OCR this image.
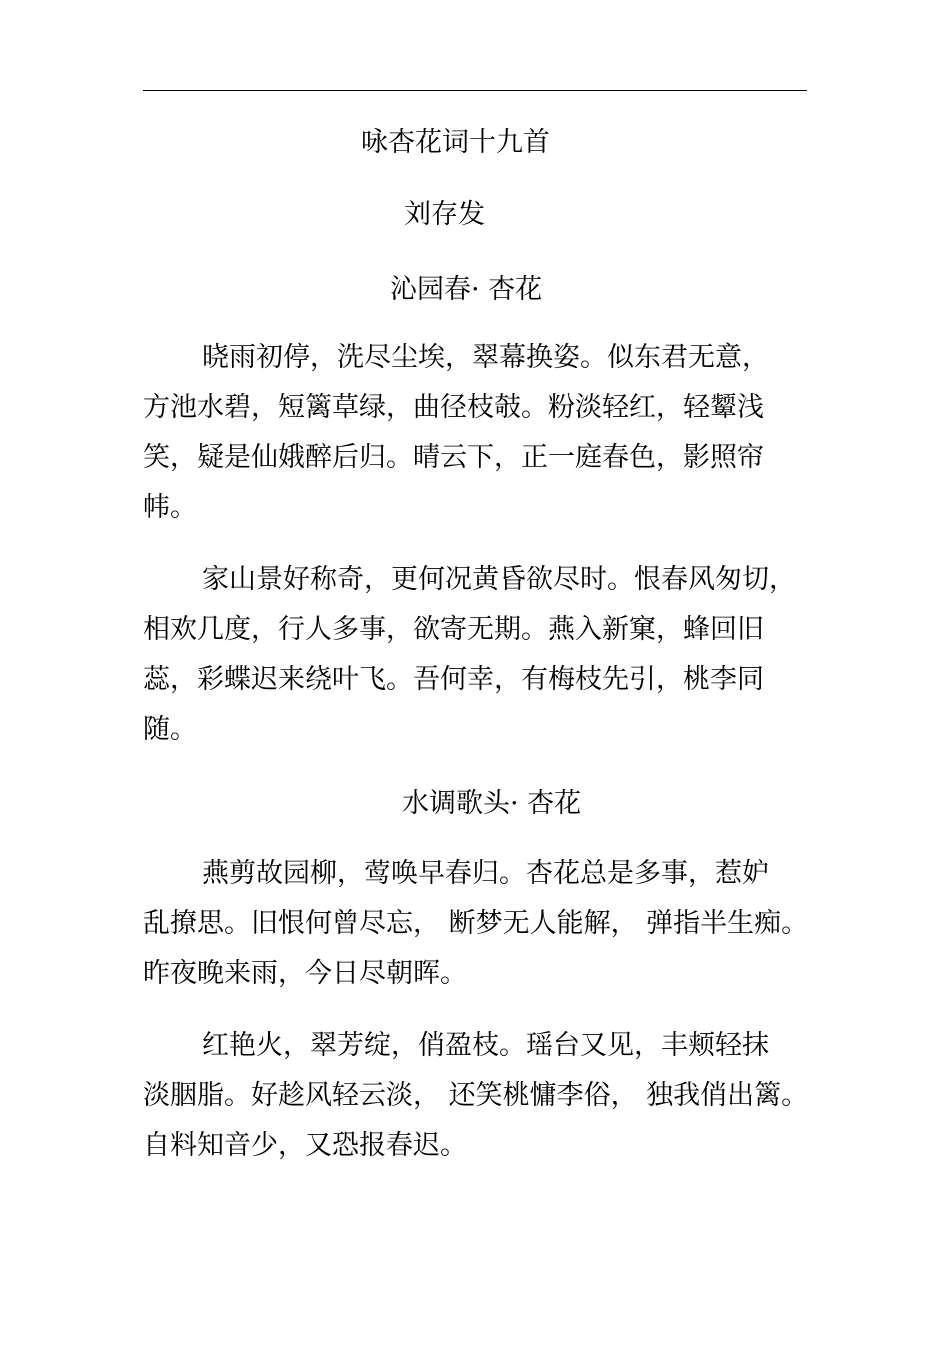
咏杏花词十九首
刘存发
沁园春· 杏花

晓雨初停，洗尽尘埃，翠幕换姿。似东君无意，
方池水碧，短篱草绿，曲径枝攲。粉淡轻红，轻颦浅
笑，疑是仙娥醉后归。晴云下，正一庭春色，影照帘
帏。

家山景好称奇，更何况黄昏欲尽时。恨春风匆切，
相欢几度，行人多事，欲寄无期。燕入新窠，蜂回旧
蕊，彩蝶迟来绕叶飞。吾何幸，有梅枝先引，桃李同
随。

水调歌头· 杏花

燕剪故园柳，莺唤早春归。杏花总是多事，惹妒
乱撩思。旧恨何曾尽忘， 断梦无人能解， 弹指半生痴。
昨夜晚来雨，今日尽朝晖。

红艳火，翠芳绽，俏盈枝。瑶台又见，丰颊轻抹
淡胭脂。好趁风轻云淡， 还笑桃慵李俗， 独我俏出篱。
自料知音少，又恐报春迟。
